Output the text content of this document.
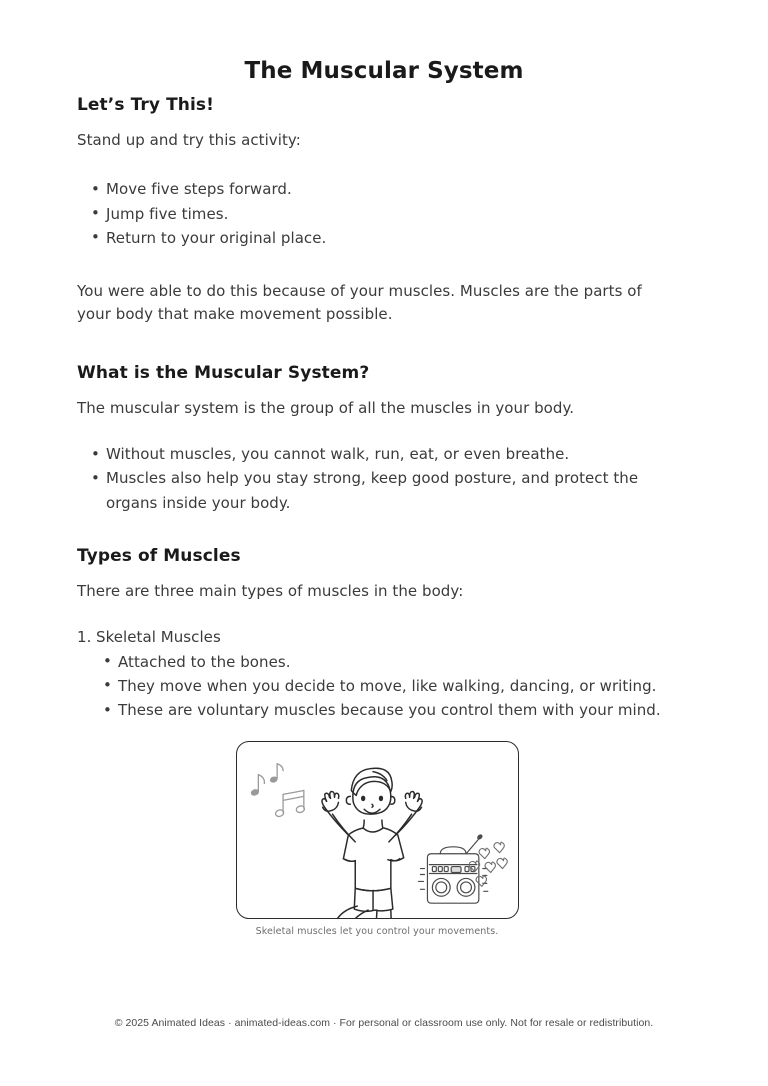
The Muscular System
Let’s Try This!

Stand up and try this activity:

• Move five steps forward.
• Jump five times.
• Return to your original place.

You were able to do this because of your muscles. Muscles are the parts of your body that make movement possible.

What is the Muscular System?

The muscular system is the group of all the muscles in your body.

• Without muscles, you cannot walk, run, eat, or even breathe.
• Muscles also help you stay strong, keep good posture, and protect the organs inside your body.
Types of Muscles

There are three main types of muscles in the body:

1. Skeletal Muscles
• Attached to the bones.
• They move when you decide to move, like walking, dancing, or writing.
• These are voluntary muscles because you control them with your mind.
Skeletal muscles let you control your movements.
© 2025 Animated Ideas · animated-ideas.com · For personal or classroom use only. Not for resale or redistribution.
